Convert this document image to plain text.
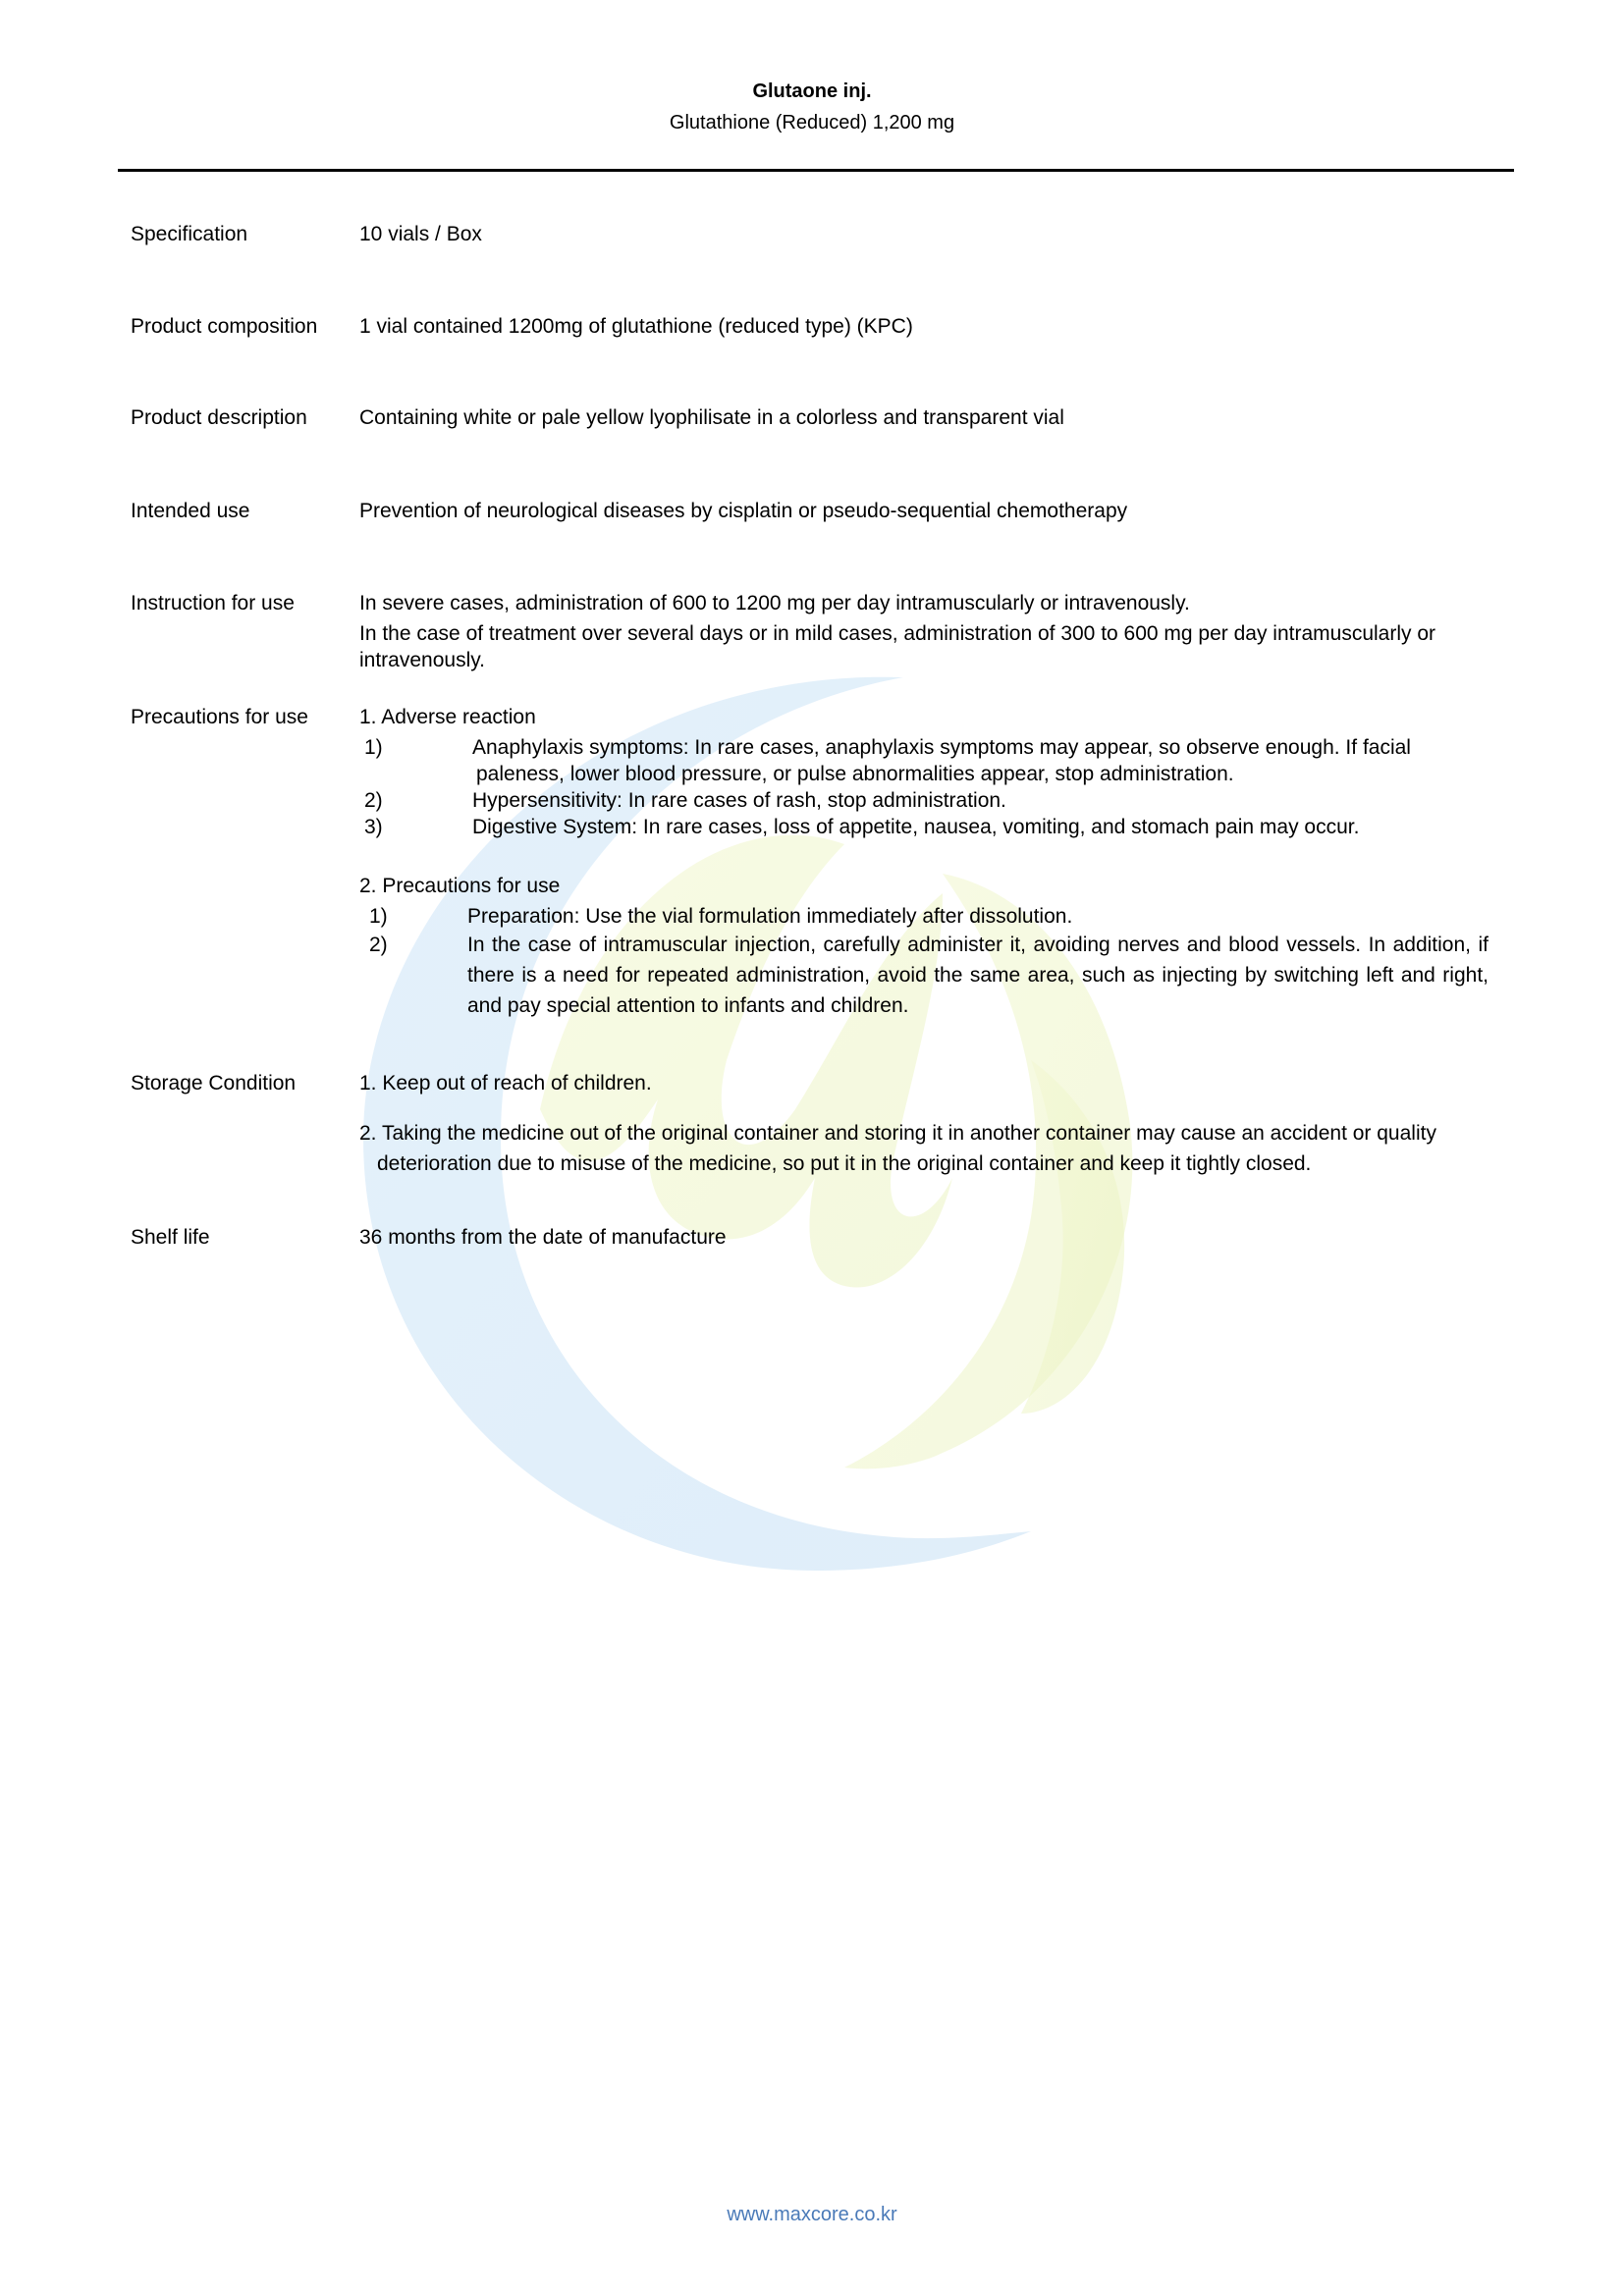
Glutaone inj.
Glutathione (Reduced) 1,200 mg
Specification	10 vials / Box
Product composition	1 vial contained 1200mg of glutathione (reduced type) (KPC)
Product description	Containing white or pale yellow lyophilisate in a colorless and transparent vial
Intended use	Prevention of neurological diseases by cisplatin or pseudo-sequential chemotherapy
Instruction for use	In severe cases, administration of 600 to 1200 mg per day intramuscularly or intravenously.

In the case of treatment over several days or in mild cases, administration of 300 to 600 mg per day intramuscularly or intravenously.

Precautions for use	1. Adverse reaction

1)	Anaphylaxis symptoms: In rare cases, anaphylaxis symptoms may appear, so observe enough. If facial
paleness, lower blood pressure, or pulse abnormalities appear, stop administration.
2)	Hypersensitivity: In rare cases of rash, stop administration.
3)	Digestive System: In rare cases, loss of appetite, nausea, vomiting, and stomach pain may occur.

2. Precautions for use

1)	Preparation: Use the vial formulation immediately after dissolution.
2)	In the case of intramuscular injection, carefully administer it, avoiding nerves and blood vessels. In addition, if there is a need for repeated administration, avoid the same area, such as injecting by switching left and right, and pay special attention to infants and children.
Storage Condition	1. Keep out of reach of children.

2. Taking the medicine out of the original container and storing it in another container may cause an accident or quality deterioration due to misuse of the medicine, so put it in the original container and keep it tightly closed.

Shelf life	36 months from the date of manufacture
www.maxcore.co.kr
